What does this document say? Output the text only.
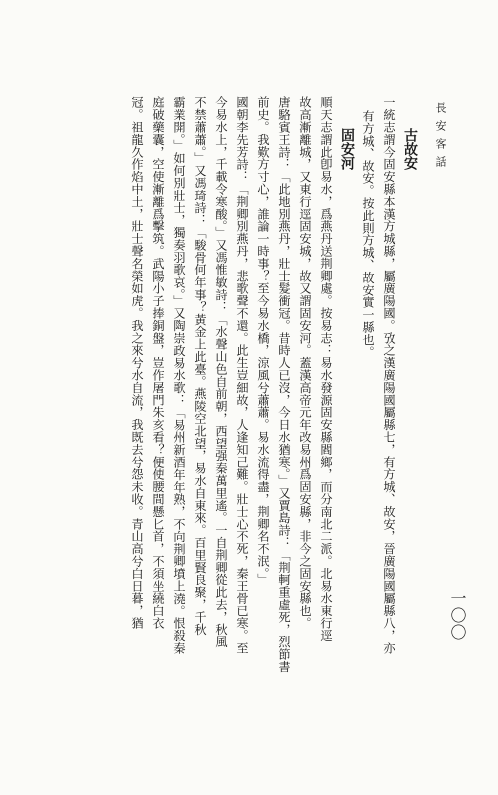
長安客話
一〇〇

古故安

一統志謂今固安縣本漢方城縣，屬廣陽國。攷之漢廣陽國屬縣七，有方城、故安，晉廣陽國屬縣八，亦

有方城、故安。按此則方城、故安實一縣也。

固安河

順天志謂此卽易水，爲燕丹送荆卿處。按易志：易水發源固安縣閻鄉，而分南北二派。北易水東行逕

故高漸離城，又東行逕固安城，故又謂固安河。蓋漢高帝元年改易州爲固安縣，非今之固安縣也。

唐駱賓王詩：「此地別燕丹，壯士髮衝冠。昔時人已沒，今日水猶寒。」又賈島詩：「荆軻重虛死，烈節書

前史。我歎方寸心，誰論一時事？至今易水橋，涼風兮蕭蕭。易水流得盡，荆卿名不泯。」

國朝李先芳詩：「荆卿別燕丹，悲歌聲不還。此生豈細故，人逢知己難。壯士心不死，秦王骨已寒。至

今易水上，千載令寒酸。」又馮惟敏詩：「水聲山色自前朝，西望强秦萬里遙。一自荆卿從此去，秋風

不禁蕭蕭。」又馮琦詩：「駿骨何年事？黃金上此臺。燕陵空北望，易水自東來。百里賢良聚，千秋

霸業開。」如何別壯士，獨奏羽歌哀。」又陶崇政易水歌：「易州新酒年年熟，不向荆卿墳上澆。恨殺秦

庭破藥囊，空使漸離爲擊筑。武陽小子捧銅盤，豈作屠門朱亥看？便使腰間懸匕首，不須坐繞白衣

冠。祖龍久作焰中土，壯士聲名榮如虎。我之來兮水自流，我既去兮怨未收。青山高兮白日暮，猶
